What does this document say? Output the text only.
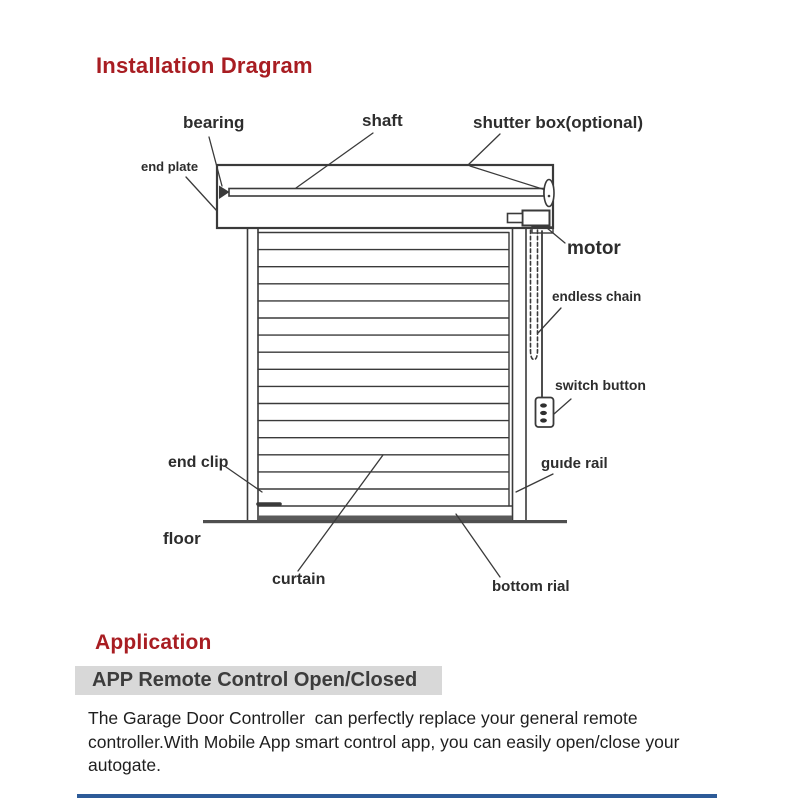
Installation Dragram
bearing	shaft	shutter box(optional)
end plate
motor
endless chain
switch button
guıde rail
end clip
floor
curtain	bottom rial
Application
APP Remote Control Open/Closed
The Garage Door Controller  can perfectly replace your general remote
controller.With Mobile App smart control app, you can easily open/close your
autogate.
